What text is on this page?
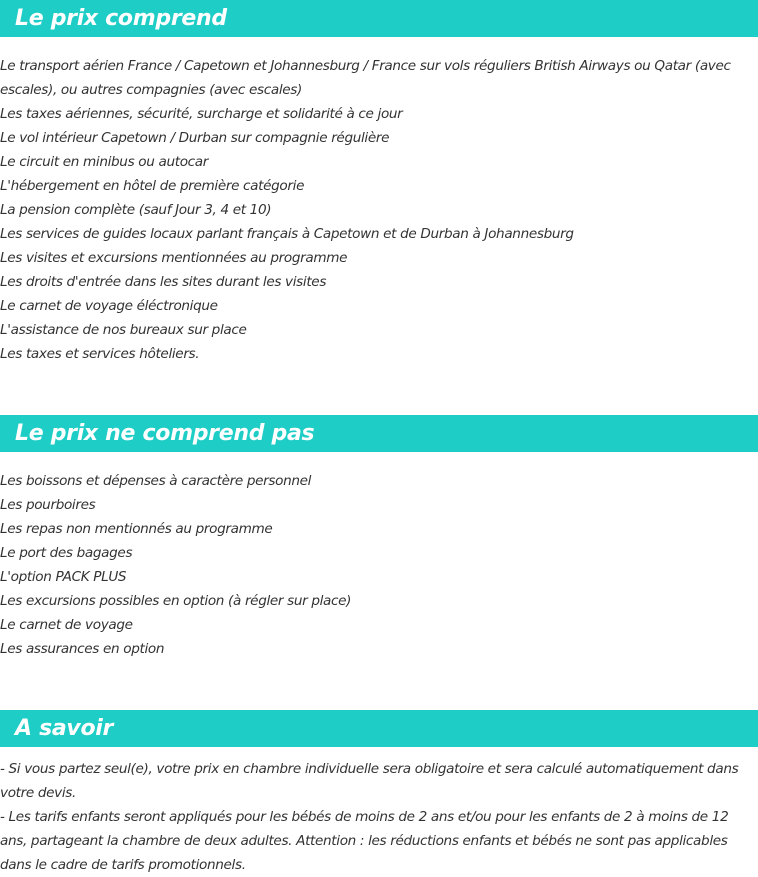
Le prix comprend
Le transport aérien France / Capetown et Johannesburg / France sur vols réguliers British Airways ou Qatar (avec escales), ou autres compagnies (avec escales)
Les taxes aériennes, sécurité, surcharge et solidarité à ce jour
Le vol intérieur Capetown / Durban sur compagnie régulière
Le circuit en minibus ou autocar
L'hébergement en hôtel de première catégorie
La pension complète (sauf Jour 3, 4 et 10)
Les services de guides locaux parlant français à Capetown et de Durban à Johannesburg
Les visites et excursions mentionnées au programme
Les droits d'entrée dans les sites durant les visites
Le carnet de voyage éléctronique
L'assistance de nos bureaux sur place
Les taxes et services hôteliers.
Le prix ne comprend pas
Les boissons et dépenses à caractère personnel
Les pourboires
Les repas non mentionnés au programme
Le port des bagages
L'option PACK PLUS
Les excursions possibles en option (à régler sur place)
Le carnet de voyage
Les assurances en option
A savoir

- Si vous partez seul(e), votre prix en chambre individuelle sera obligatoire et sera calculé automatiquement dans votre devis.

- Les tarifs enfants seront appliqués pour les bébés de moins de 2 ans et/ou pour les enfants de 2 à moins de 12 ans, partageant la chambre de deux adultes. Attention : les réductions enfants et bébés ne sont pas applicables dans le cadre de tarifs promotionnels.
